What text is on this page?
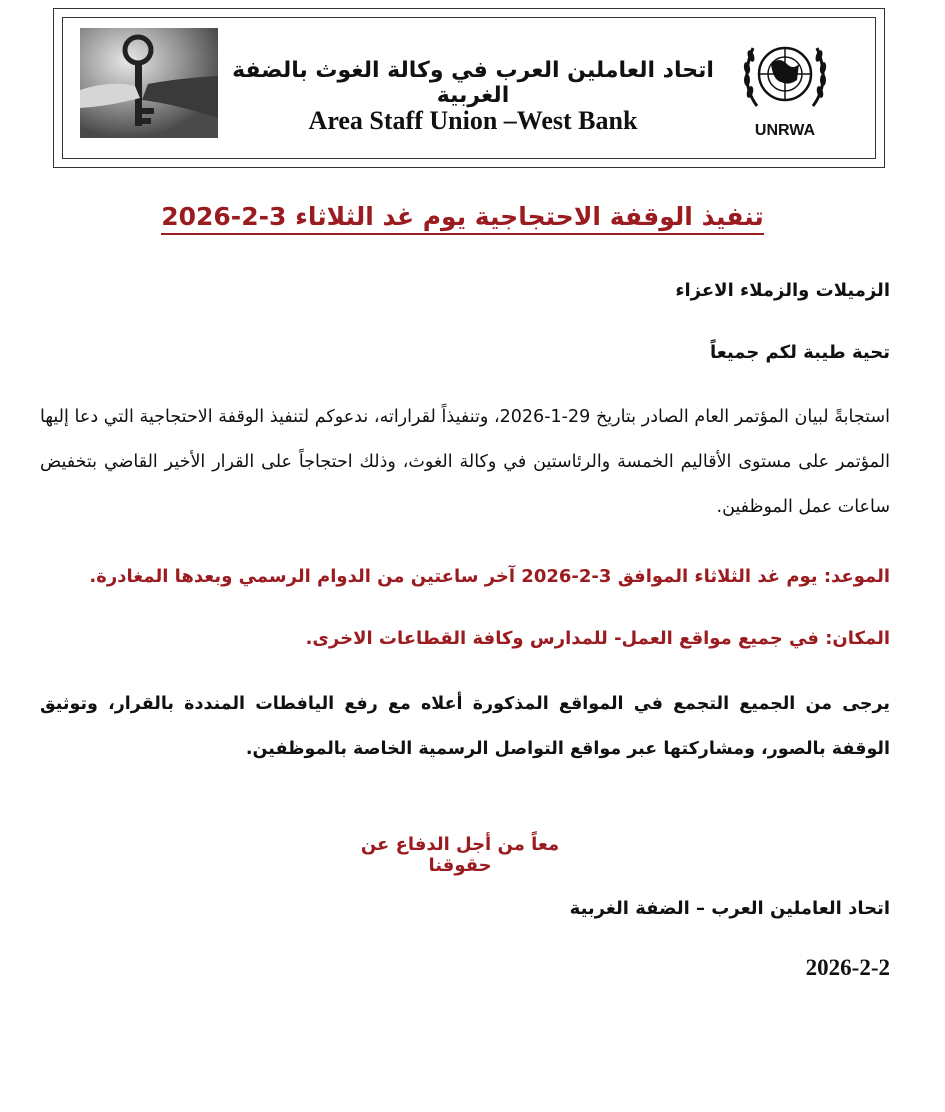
اتحاد العاملين العرب في وكالة الغوث بالضفة الغربية
Area Staff Union –West Bank	UNRWA
تنفيذ الوقفة الاحتجاجية يوم غد الثلاثاء 3-2-2026
الزميلات والزملاء الاعزاء
تحية طيبة لكم جميعاً
استجابةً لبيان المؤتمر العام الصادر بتاريخ 29-1-2026، وتنفيذاً لقراراته، ندعوكم لتنفيذ الوقفة الاحتجاجية التي دعا إليها المؤتمر على مستوى الأقاليم الخمسة والرئاستين في وكالة الغوث، وذلك احتجاجاً على القرار الأخير القاضي بتخفيض ساعات عمل الموظفين.
الموعد: يوم غد الثلاثاء الموافق 3-2-2026 آخر ساعتين من الدوام الرسمي وبعدها المغادرة.
المكان: في جميع مواقع العمل- للمدارس وكافة القطاعات الاخرى.
يرجى من الجميع التجمع في المواقع المذكورة أعلاه مع رفع اليافطات المنددة بالقرار، وتوثيق الوقفة بالصور، ومشاركتها عبر مواقع التواصل الرسمية الخاصة بالموظفين.
معاً من أجل الدفاع عن حقوقنا
اتحاد العاملين العرب – الضفة الغربية
2026-2-2
